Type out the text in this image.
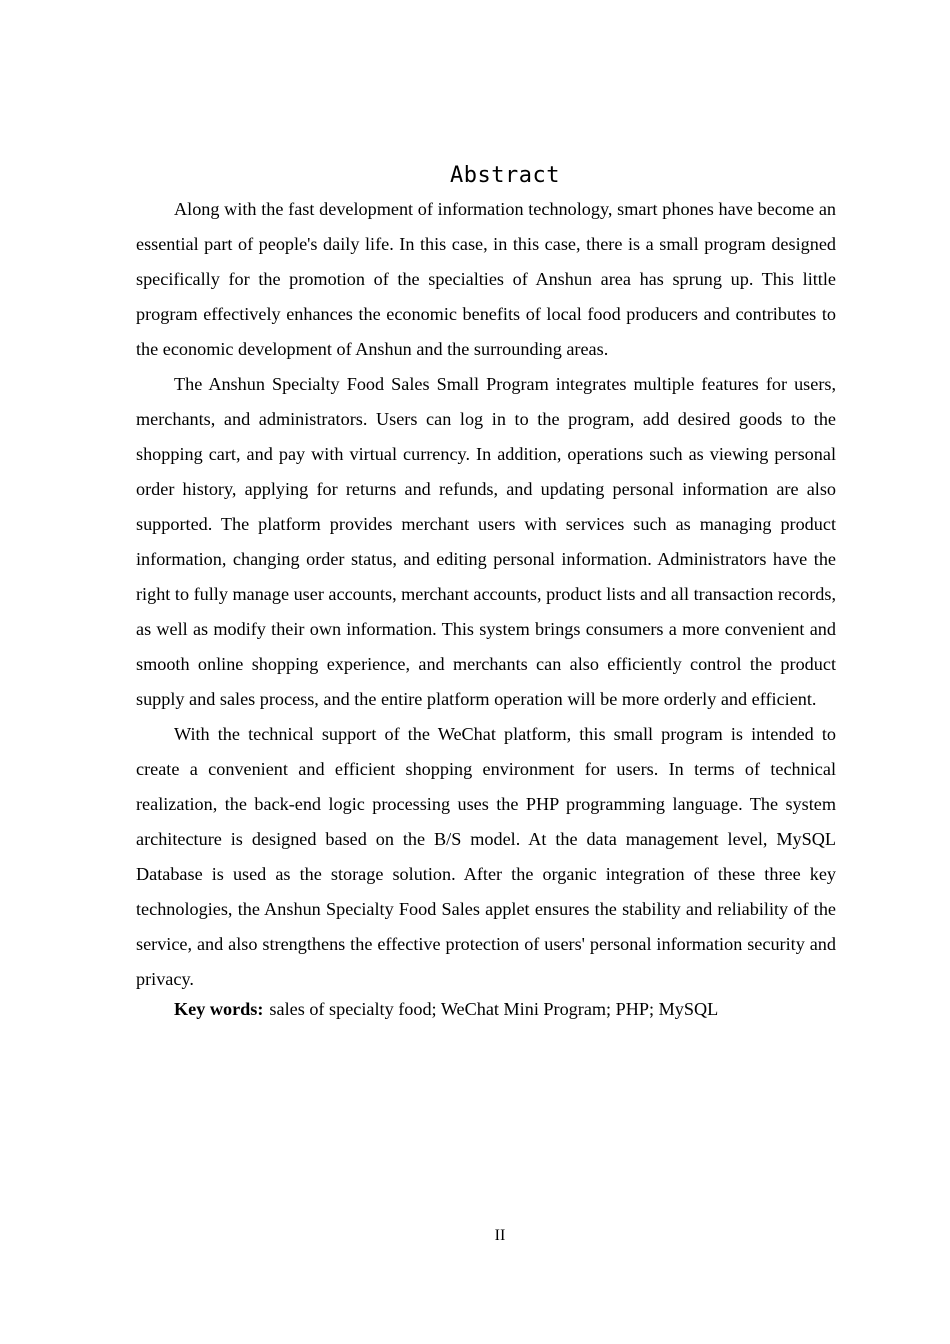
Abstract

Along with the fast development of information technology, smart phones have become an essential part of people's daily life. In this case, in this case, there is a small program designed specifically for the promotion of the specialties of Anshun area has sprung up. This little program effectively enhances the economic benefits of local food producers and contributes to the economic development of Anshun and the surrounding areas.

The Anshun Specialty Food Sales Small Program integrates multiple features for users, merchants, and administrators. Users can log in to the program, add desired goods to the shopping cart, and pay with virtual currency. In addition, operations such as viewing personal order history, applying for returns and refunds, and updating personal information are also supported. The platform provides merchant users with services such as managing product information, changing order status, and editing personal information. Administrators have the right to fully manage user accounts, merchant accounts, product lists and all transaction records, as well as modify their own information. This system brings consumers a more convenient and smooth online shopping experience, and merchants can also efficiently control the product supply and sales process, and the entire platform operation will be more orderly and efficient.

With the technical support of the WeChat platform, this small program is intended to create a convenient and efficient shopping environment for users. In terms of technical realization, the back-end logic processing uses the PHP programming language. The system architecture is designed based on the B/S model. At the data management level, MySQL Database is used as the storage solution. After the organic integration of these three key technologies, the Anshun Specialty Food Sales applet ensures the stability and reliability of the service, and also strengthens the effective protection of users' personal information security and privacy.

Key words: sales of specialty food; WeChat Mini Program; PHP; MySQL

II
